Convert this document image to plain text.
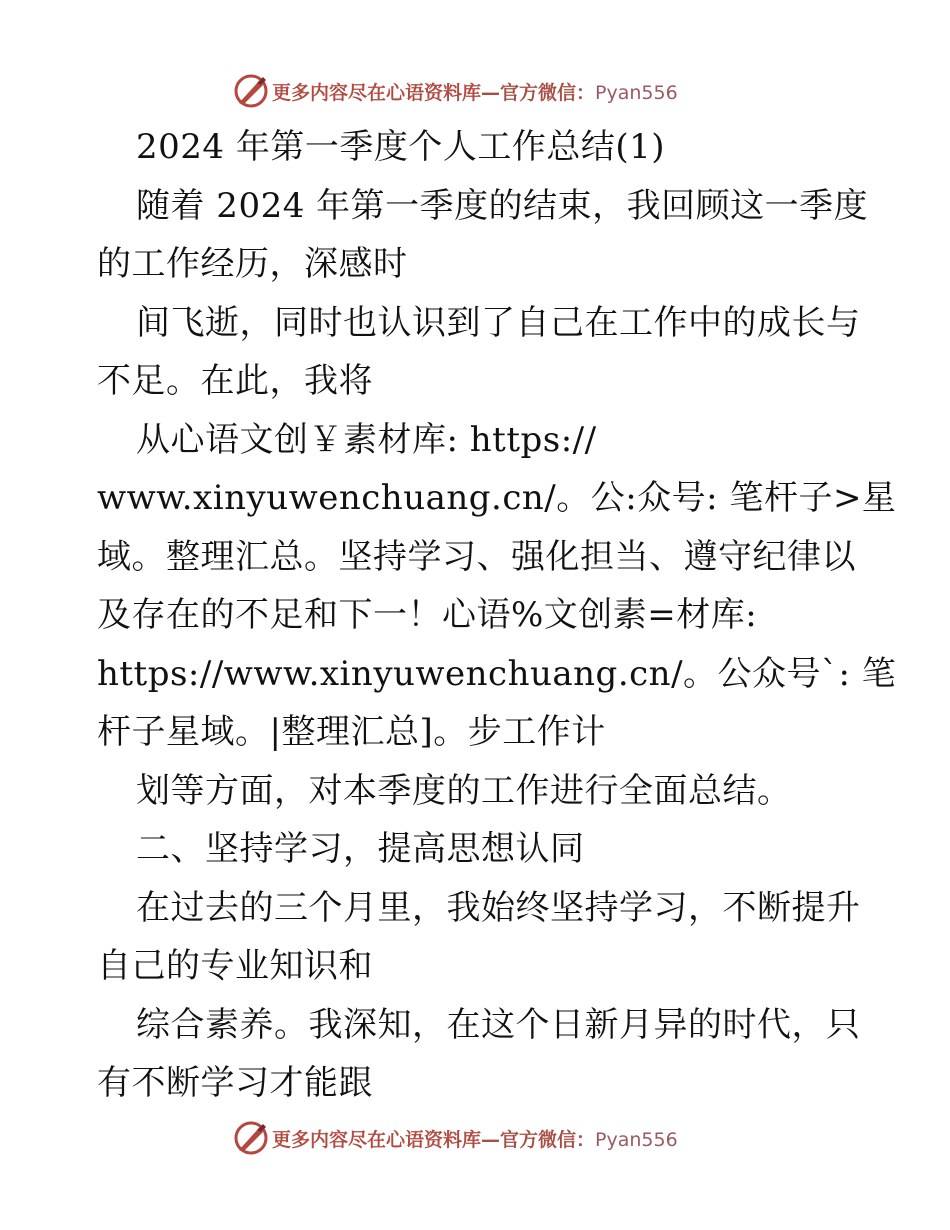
更多内容尽在心语资料库—官方微信：Pyan556
2024 年第一季度个人工作总结(1)
随着 2024 年第一季度的结束，我回顾这一季度
的工作经历，深感时
间飞逝，同时也认识到了自己在工作中的成长与
不足。在此，我将
从心语文创￥素材库: https://
www.xinyuwenchuang.cn/。公:众号: 笔杆子>星
域。整理汇总。坚持学习、强化担当、遵守纪律以
及存在的不足和下一！心语%文创素=材库:
https://www.xinyuwenchuang.cn/。公众号`: 笔
杆子星域。|整理汇总]。步工作计
划等方面，对本季度的工作进行全面总结。
二、坚持学习，提高思想认同
在过去的三个月里，我始终坚持学习，不断提升
自己的专业知识和
综合素养。我深知，在这个日新月异的时代，只
有不断学习才能跟
更多内容尽在心语资料库—官方微信：Pyan556
